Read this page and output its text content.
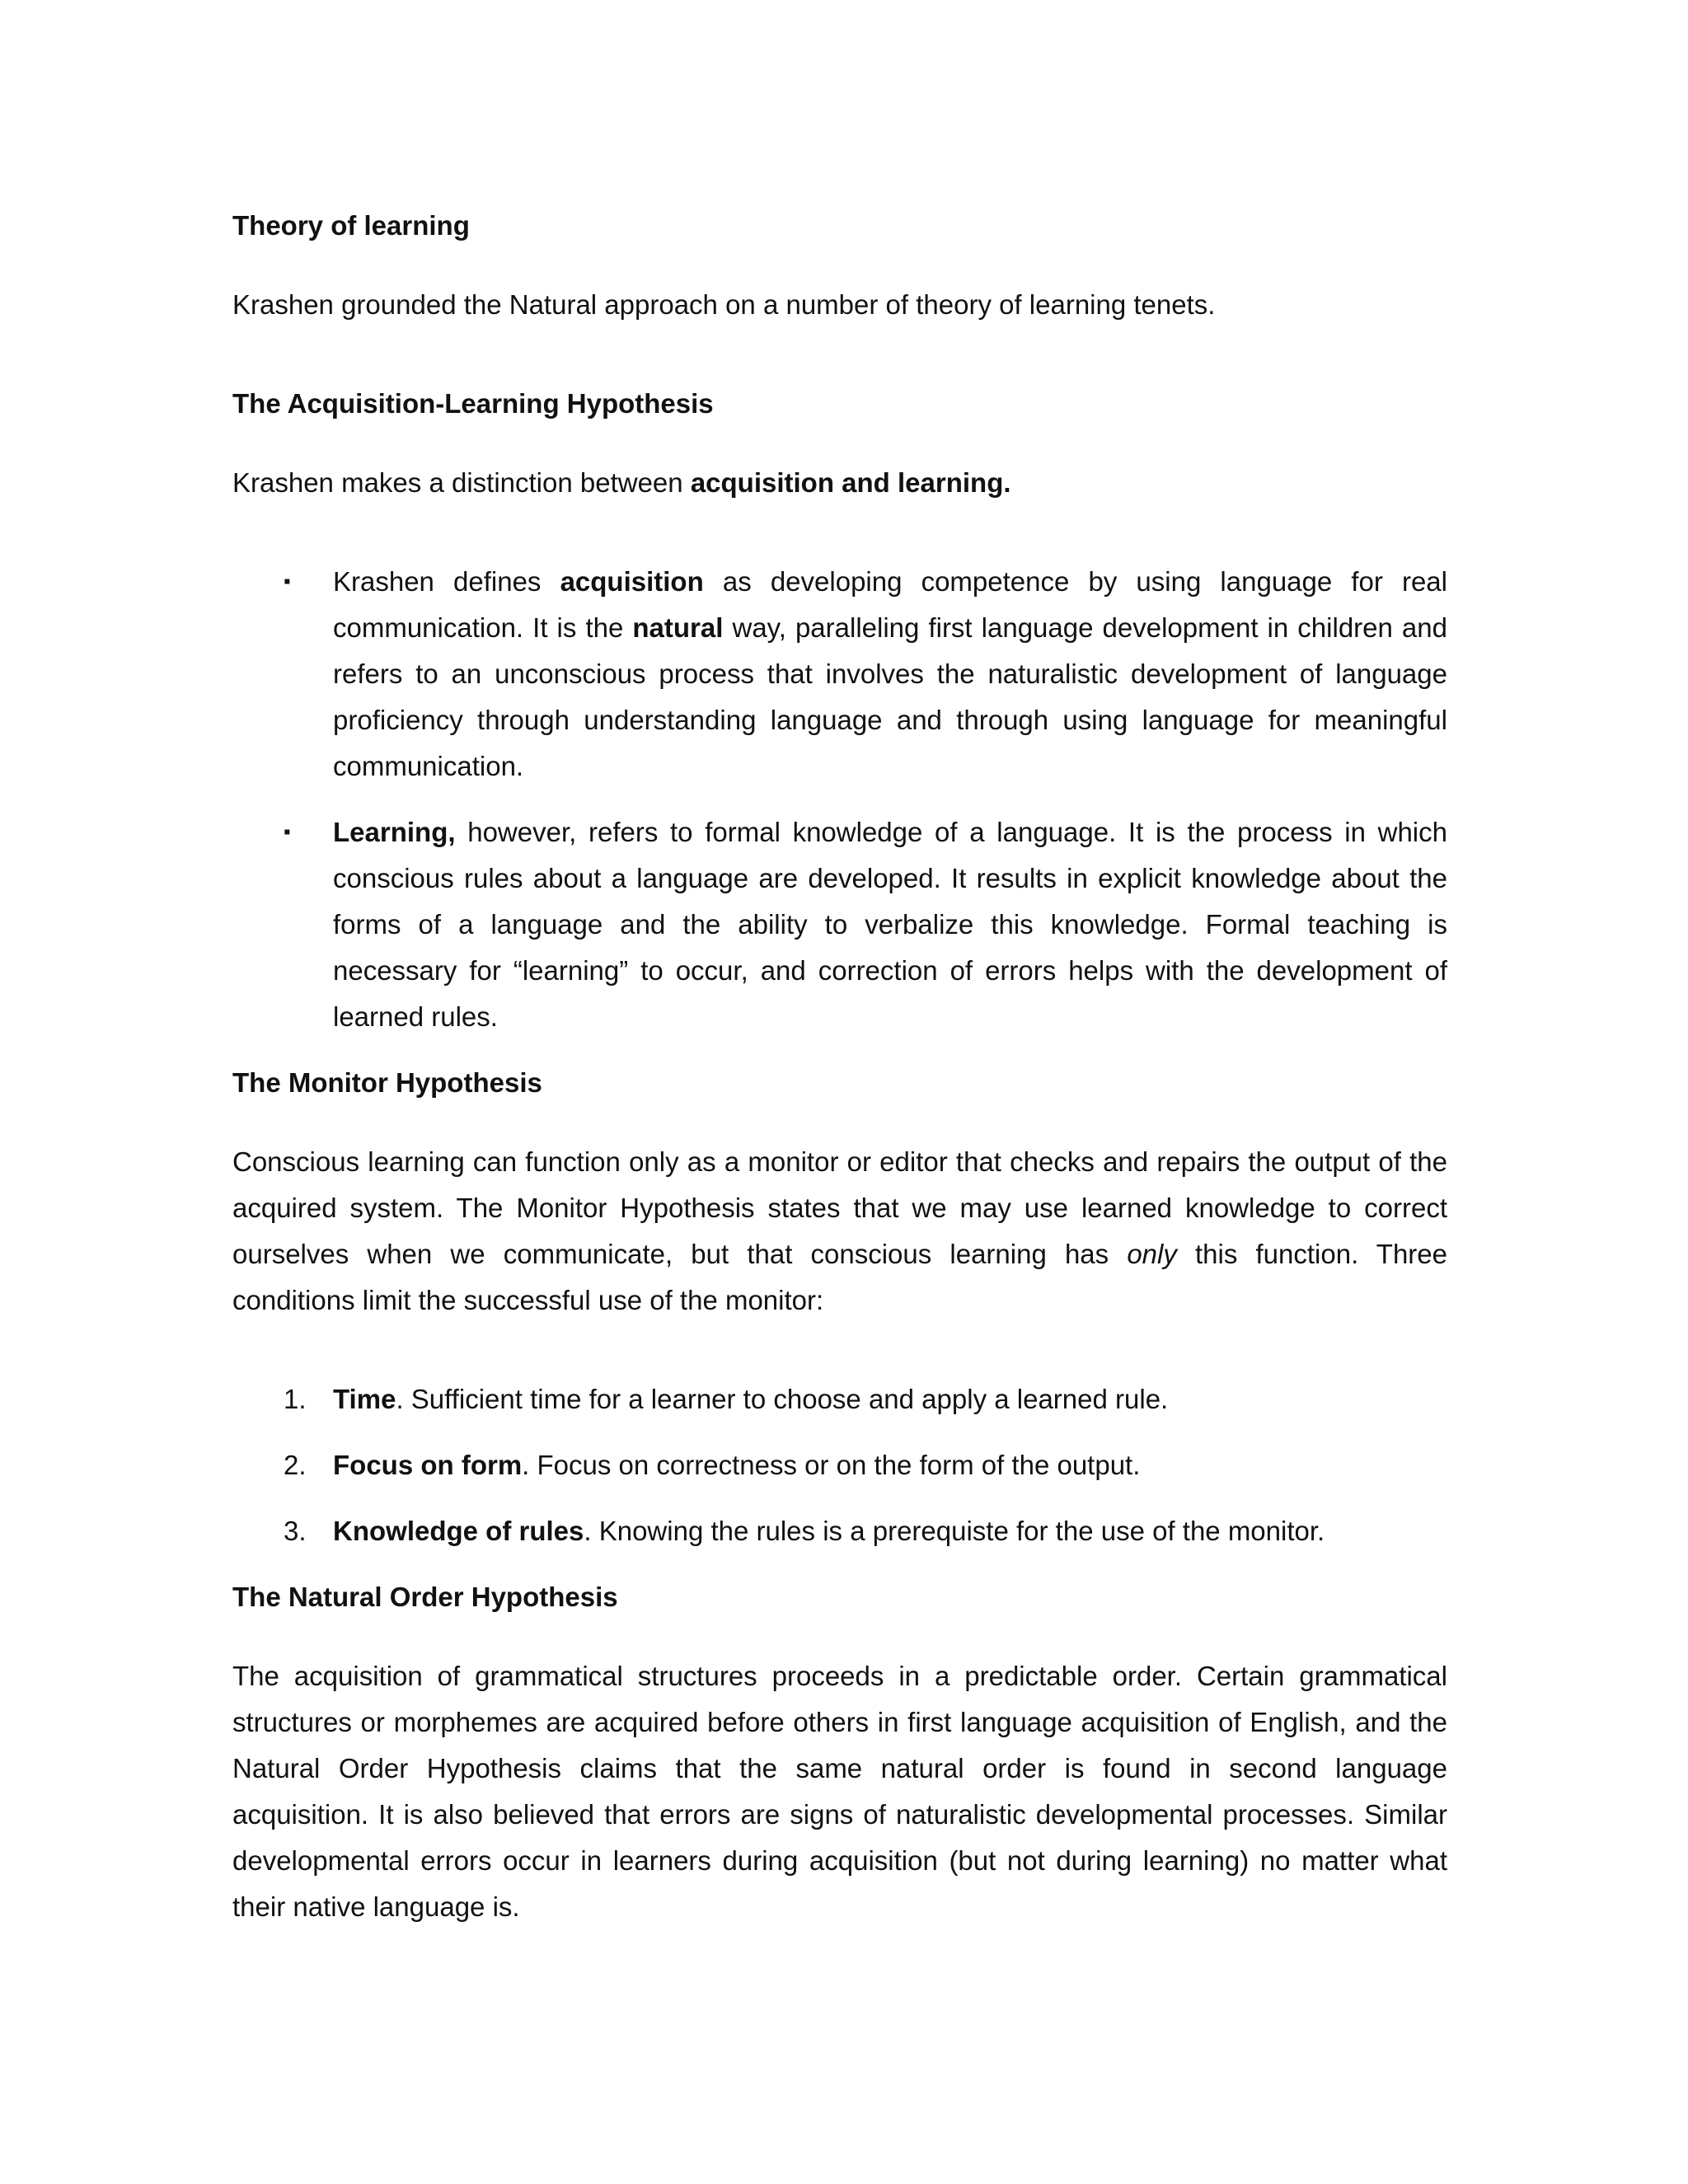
Theory of learning

Krashen grounded the Natural approach on a number of theory of learning tenets.

The Acquisition-Learning Hypothesis

Krashen makes a distinction between acquisition and learning.

▪ Krashen defines acquisition as developing competence by using language for real communication. It is the natural way, paralleling first language development in children and refers to an unconscious process that involves the naturalistic development of language proficiency through understanding language and through using language for meaningful communication.
▪ Learning, however, refers to formal knowledge of a language. It is the process in which conscious rules about a language are developed. It results in explicit knowledge about the forms of a language and the ability to verbalize this knowledge. Formal teaching is necessary for “learning” to occur, and correction of errors helps with the development of learned rules.

The Monitor Hypothesis

Conscious learning can function only as a monitor or editor that checks and repairs the output of the acquired system. The Monitor Hypothesis states that we may use learned knowledge to correct ourselves when we communicate, but that conscious learning has only this function. Three conditions limit the successful use of the monitor:

1. Time. Sufficient time for a learner to choose and apply a learned rule.
2. Focus on form. Focus on correctness or on the form of the output.
3. Knowledge of rules. Knowing the rules is a prerequiste for the use of the monitor.

The Natural Order Hypothesis

The acquisition of grammatical structures proceeds in a predictable order. Certain grammatical structures or morphemes are acquired before others in first language acquisition of English, and the Natural Order Hypothesis claims that the same natural order is found in second language acquisition. It is also believed that errors are signs of naturalistic developmental processes. Similar developmental errors occur in learners during acquisition (but not during learning) no matter what their native language is.
